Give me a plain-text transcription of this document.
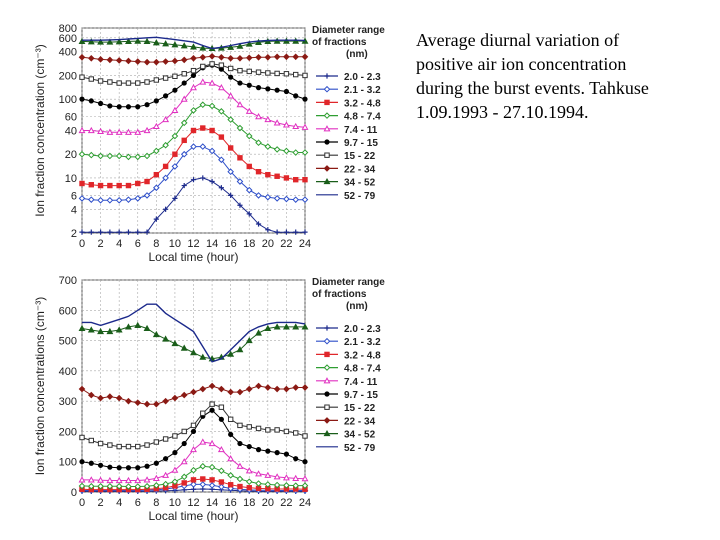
0 2 4 6 8 10 12 14 16 18 20 22 24
2
4
6
10
20
40
60
100
200
400
600
800
Local time (hour)
Ion fraction concentration (cm⁻³)
Diameter range
of fractions
(nm)
2.0 - 2.3
2.1 - 3.2
3.2 - 4.8
4.8 - 7.4
7.4 - 11
9.7 - 15
15 - 22
22 - 34
34 - 52
52 - 79
0 2 4 6 8 10 12 14 16 18 20 22 24
0
100
200
300
400
500
600
700
Local time (hour)
Ion fraction concentrations (cm⁻³)
Diameter range
of fractions
(nm)
2.0 - 2.3
2.1 - 3.2
3.2 - 4.8
4.8 - 7.4
7.4 - 11
9.7 - 15
15 - 22
22 - 34
34 - 52
52 - 79
Average diurnal variation of
positive air ion concentration
during the burst events. Tahkuse
1.09.1993 - 27.10.1994.
